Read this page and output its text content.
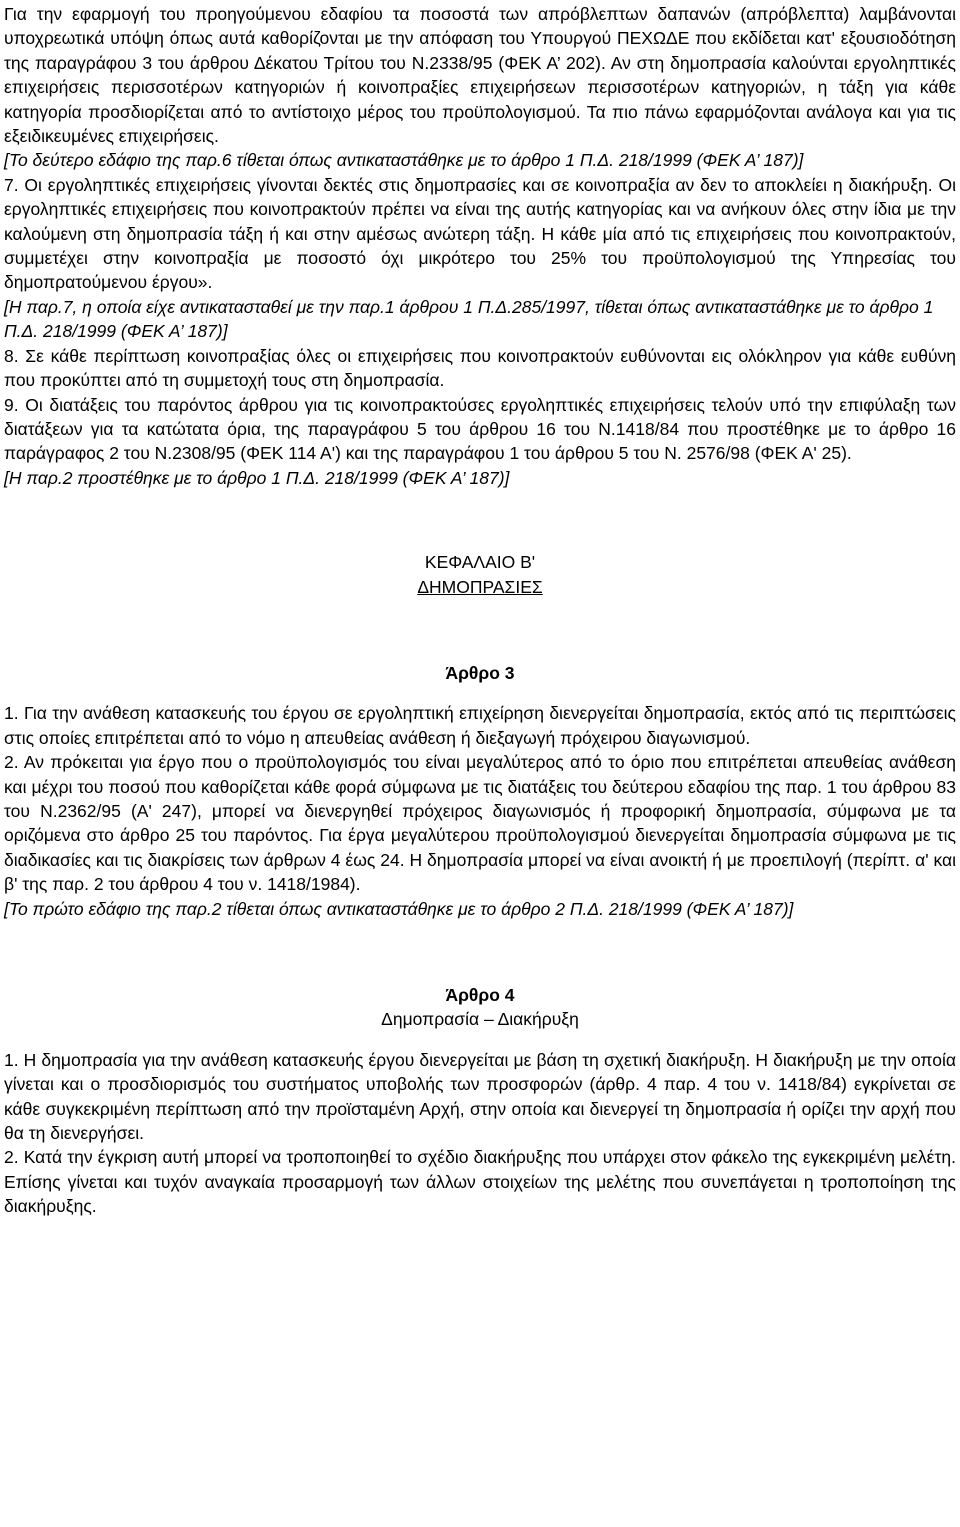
Για την εφαρμογή του προηγούμενου εδαφίου τα ποσοστά των απρόβλεπτων δαπανών (απρόβλεπτα) λαμβάνονται υποχρεωτικά υπόψη όπως αυτά καθορίζονται με την απόφαση του Υπουργού ΠΕΧΩΔΕ που εκδίδεται κατ' εξουσιοδότηση της παραγράφου 3 του άρθρου Δέκατου Τρίτου του Ν.2338/95 (ΦΕΚ Α’ 202). Αν στη δημοπρασία καλούνται εργοληπτικές επιχειρήσεις περισσοτέρων κατηγοριών ή κοινοπραξίες επιχειρήσεων περισσοτέρων κατηγοριών, η τάξη για κάθε κατηγορία προσδιορίζεται από το αντίστοιχο μέρος του προϋπολογισμού. Τα πιο πάνω εφαρμόζονται ανάλογα και για τις εξειδικευμένες επιχειρήσεις.

[Το δεύτερο εδάφιο της παρ.6 τίθεται όπως αντικαταστάθηκε με το άρθρο 1 Π.Δ. 218/1999 (ΦΕΚ Α’ 187)]

7. Οι εργοληπτικές επιχειρήσεις γίνονται δεκτές στις δημοπρασίες και σε κοινοπραξία αν δεν το αποκλείει η διακήρυξη. Οι εργοληπτικές επιχειρήσεις που κοινοπρακτούν πρέπει να είναι της αυτής κατηγορίας και να ανήκουν όλες στην ίδια με την καλούμενη στη δημοπρασία τάξη ή και στην αμέσως ανώτερη τάξη. Η κάθε μία από τις επιχειρήσεις που κοινοπρακτούν, συμμετέχει στην κοινοπραξία με ποσοστό όχι μικρότερο του 25% του προϋπολογισμού της Υπηρεσίας του δημοπρατούμενου έργου».

[Η παρ.7, η οποία είχε αντικατασταθεί με την παρ.1 άρθρου 1 Π.Δ.285/1997, τίθεται όπως αντικαταστάθηκε με το άρθρο 1 Π.Δ. 218/1999 (ΦΕΚ Α’ 187)]

8. Σε κάθε περίπτωση κοινοπραξίας όλες οι επιχειρήσεις που κοινοπρακτούν ευθύνονται εις ολόκληρον για κάθε ευθύνη που προκύπτει από τη συμμετοχή τους στη δημοπρασία.

9. Οι διατάξεις του παρόντος άρθρου για τις κοινοπρακτούσες εργοληπτικές επιχειρήσεις τελούν υπό την επιφύλαξη των διατάξεων για τα κατώτατα όρια, της παραγράφου 5 του άρθρου 16 του Ν.1418/84 που προστέθηκε με το άρθρο 16 παράγραφος 2 του Ν.2308/95 (ΦΕΚ 114 Α') και της παραγράφου 1 του άρθρου 5 του Ν. 2576/98 (ΦΕΚ Α' 25).

[Η παρ.2 προστέθηκε με το άρθρο 1 Π.Δ. 218/1999 (ΦΕΚ Α’ 187)]

ΚΕΦΑΛΑΙΟ Β'

ΔΗΜΟΠΡΑΣΙΕΣ

Άρθρο 3

1. Για την ανάθεση κατασκευής του έργου σε εργοληπτική επιχείρηση διενεργείται δημοπρασία, εκτός από τις περιπτώσεις στις οποίες επιτρέπεται από το νόμο η απευθείας ανάθεση ή διεξαγωγή πρόχειρου διαγωνισμού.

2. Αν πρόκειται για έργο που ο προϋπολογισμός του είναι μεγαλύτερος από το όριο που επιτρέπεται απευθείας ανάθεση και μέχρι του ποσού που καθορίζεται κάθε φορά σύμφωνα με τις διατάξεις του δεύτερου εδαφίου της παρ. 1 του άρθρου 83 του Ν.2362/95 (Α' 247), μπορεί να διενεργηθεί πρόχειρος διαγωνισμός ή προφορική δημοπρασία, σύμφωνα με τα οριζόμενα στο άρθρο 25 του παρόντος. Για έργα μεγαλύτερου προϋπολογισμού διενεργείται δημοπρασία σύμφωνα με τις διαδικασίες και τις διακρίσεις των άρθρων 4 έως 24. Η δημοπρασία μπορεί να είναι ανοικτή ή με προεπιλογή (περίπτ. α' και β' της παρ. 2 του άρθρου 4 του ν. 1418/1984).

[Το πρώτο εδάφιο της παρ.2 τίθεται όπως αντικαταστάθηκε με το άρθρο 2 Π.Δ. 218/1999 (ΦΕΚ Α’ 187)]

Άρθρο 4

Δημοπρασία – Διακήρυξη

1. Η δημοπρασία για την ανάθεση κατασκευής έργου διενεργείται με βάση τη σχετική διακήρυξη. Η διακήρυξη με την οποία γίνεται και ο προσδιορισμός του συστήματος υποβολής των προσφορών (άρθρ. 4 παρ. 4 του ν. 1418/84) εγκρίνεται σε κάθε συγκεκριμένη περίπτωση από την προϊσταμένη Αρχή, στην οποία και διενεργεί τη δημοπρασία ή ορίζει την αρχή που θα τη διενεργήσει.

2. Κατά την έγκριση αυτή μπορεί να τροποποιηθεί το σχέδιο διακήρυξης που υπάρχει στον φάκελο της εγκεκριμένη μελέτη. Επίσης γίνεται και τυχόν αναγκαία προσαρμογή των άλλων στοιχείων της μελέτης που συνεπάγεται η τροποποίηση της διακήρυξης.
